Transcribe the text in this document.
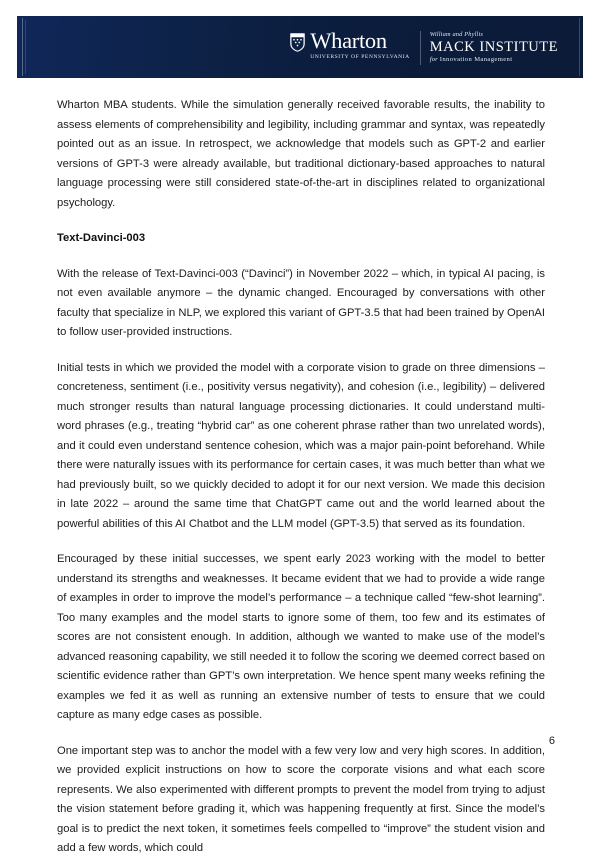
Wharton
UNIVERSITY OF PENNSYLVANIA
William and Phyllis
MACK INSTITUTE
for Innovation Management

Wharton MBA students. While the simulation generally received favorable results, the inability to assess elements of comprehensibility and legibility, including grammar and syntax, was repeatedly pointed out as an issue. In retrospect, we acknowledge that models such as GPT-2 and earlier versions of GPT-3 were already available, but traditional dictionary-based approaches to natural language processing were still considered state-of-the-art in disciplines related to organizational psychology.

Text-Davinci-003

With the release of Text-Davinci-003 (“Davinci”) in November 2022 – which, in typical AI pacing, is not even available anymore – the dynamic changed. Encouraged by conversations with other faculty that specialize in NLP, we explored this variant of GPT-3.5 that had been trained by OpenAI to follow user-provided instructions.

Initial tests in which we provided the model with a corporate vision to grade on three dimensions – concreteness, sentiment (i.e., positivity versus negativity), and cohesion (i.e., legibility) – delivered much stronger results than natural language processing dictionaries. It could understand multi-word phrases (e.g., treating “hybrid car” as one coherent phrase rather than two unrelated words), and it could even understand sentence cohesion, which was a major pain-point beforehand. While there were naturally issues with its performance for certain cases, it was much better than what we had previously built, so we quickly decided to adopt it for our next version. We made this decision in late 2022 – around the same time that ChatGPT came out and the world learned about the powerful abilities of this AI Chatbot and the LLM model (GPT-3.5) that served as its foundation.

Encouraged by these initial successes, we spent early 2023 working with the model to better understand its strengths and weaknesses. It became evident that we had to provide a wide range of examples in order to improve the model’s performance – a technique called “few-shot learning”. Too many examples and the model starts to ignore some of them, too few and its estimates of scores are not consistent enough. In addition, although we wanted to make use of the model’s advanced reasoning capability, we still needed it to follow the scoring we deemed correct based on scientific evidence rather than GPT’s own interpretation. We hence spent many weeks refining the examples we fed it as well as running an extensive number of tests to ensure that we could capture as many edge cases as possible.

One important step was to anchor the model with a few very low and very high scores. In addition, we provided explicit instructions on how to score the corporate visions and what each score represents. We also experimented with different prompts to prevent the model from trying to adjust the vision statement before grading it, which was happening frequently at first. Since the model’s goal is to predict the next token, it sometimes feels compelled to “improve” the student vision and add a few words, which could

6
